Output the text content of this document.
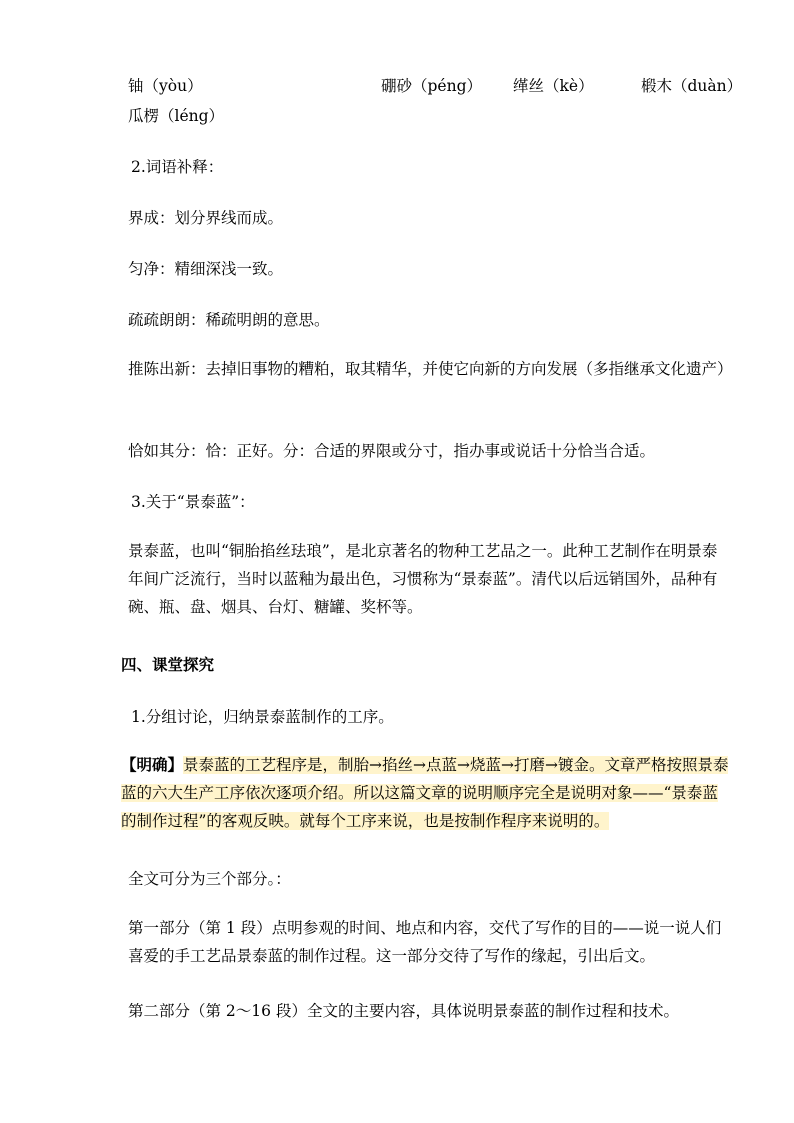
铀（yòu）	硼砂（péng） 缂丝（kè）	椴木（duàn）
瓜楞（léng）
2.词语补释：
界成：划分界线而成。
匀净：精细深浅一致。
疏疏朗朗：稀疏明朗的意思。
推陈出新：去掉旧事物的糟粕，取其精华，并使它向新的方向发展（多指继承文化遗产）
恰如其分：恰：正好。分：合适的界限或分寸，指办事或说话十分恰当合适。
3.关于“景泰蓝”：
景泰蓝，也叫“铜胎掐丝珐琅”，是北京著名的物种工艺品之一。此种工艺制作在明景泰年间广泛流行，当时以蓝釉为最出色，习惯称为“景泰蓝”。清代以后远销国外，品种有碗、瓶、盘、烟具、台灯、糖罐、奖杯等。
四、课堂探究
1.分组讨论，归纳景泰蓝制作的工序。
【明确】景泰蓝的工艺程序是，制胎→掐丝→点蓝→烧蓝→打磨→镀金。文章严格按照景泰蓝的六大生产工序依次逐项介绍。所以这篇文章的说明顺序完全是说明对象——“景泰蓝的制作过程”的客观反映。就每个工序来说，也是按制作程序来说明的。
全文可分为三个部分。：
第一部分（第 1 段）点明参观的时间、地点和内容，交代了写作的目的——说一说人们喜爱的手工艺品景泰蓝的制作过程。这一部分交待了写作的缘起，引出后文。
第二部分（第 2～16 段）全文的主要内容，具体说明景泰蓝的制作过程和技术。
